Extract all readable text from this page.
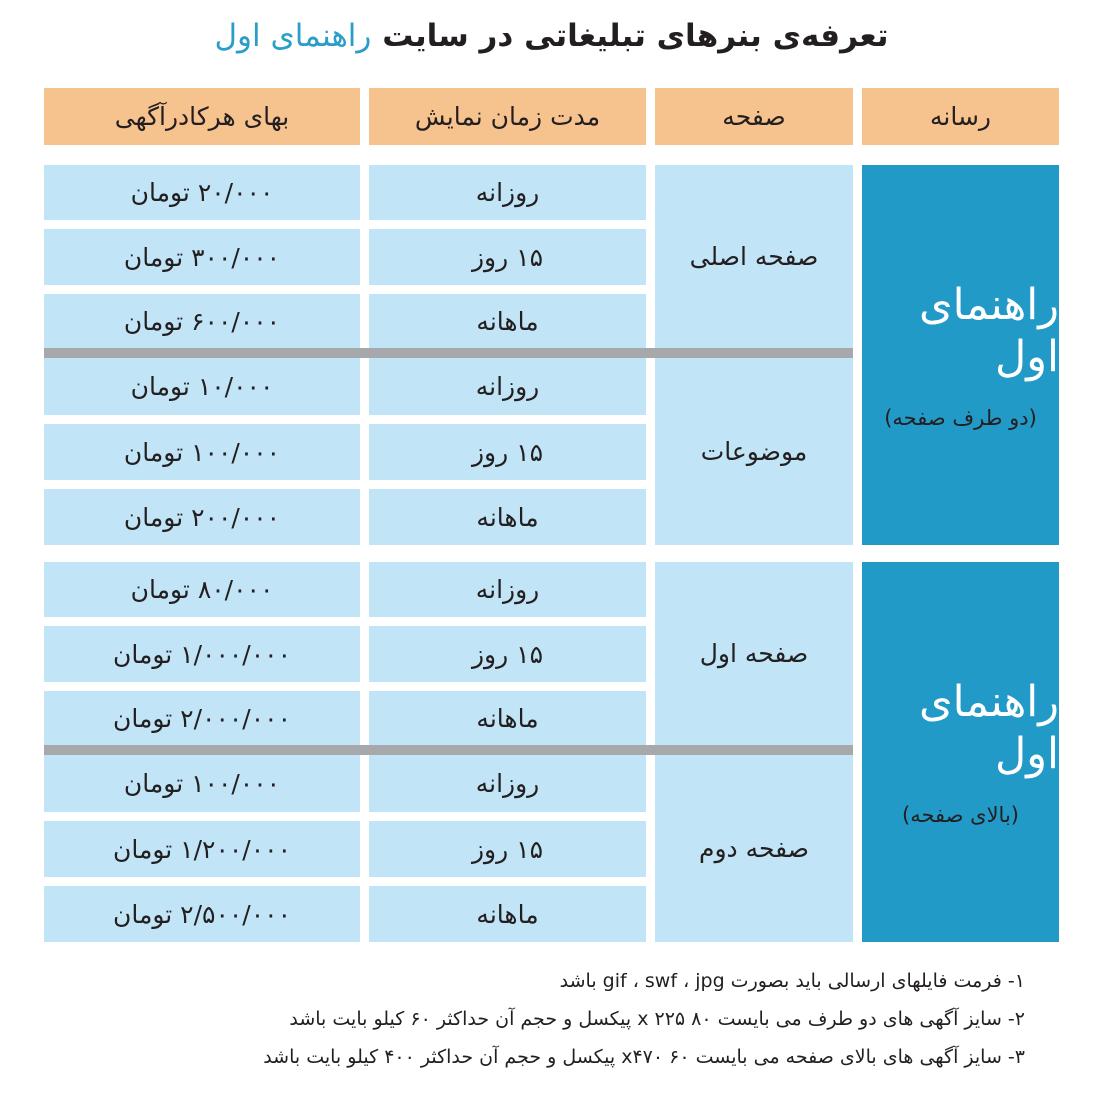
تعرفه‌ی بنرهای تبلیغاتی در سایت راهنمای اول
رسانه
صفحه
مدت زمان نمایش
بهای هرکادرآگهی
راهنمای اول
(دو طرف صفحه)
صفحه اصلی
روزانه
۲۰/۰۰۰ تومان
۱۵ روز
۳۰۰/۰۰۰ تومان
ماهانه
۶۰۰/۰۰۰ تومان
موضوعات
روزانه
۱۰/۰۰۰ تومان
۱۵ روز
۱۰۰/۰۰۰ تومان
ماهانه
۲۰۰/۰۰۰ تومان
راهنمای اول
(بالای صفحه)
صفحه اول
روزانه
۸۰/۰۰۰ تومان
۱۵ روز
۱/۰۰۰/۰۰۰ تومان
ماهانه
۲/۰۰۰/۰۰۰ تومان
صفحه دوم
روزانه
۱۰۰/۰۰۰ تومان
۱۵ روز
۱/۲۰۰/۰۰۰ تومان
ماهانه
۲/۵۰۰/۰۰۰ تومان
۱- فرمت فایلهای ارسالی باید بصورت gif ، swf ، jpg باشد
۲- سایز آگهی های دو طرف می بایست ۸۰ x ۲۲۵ پیکسل و حجم آن حداکثر ۶۰ کیلو بایت باشد
۳- سایز آگهی های بالای صفحه می بایست ۶۰ x۴۷۰ پیکسل و حجم آن حداکثر ۴۰۰ کیلو بایت باشد
